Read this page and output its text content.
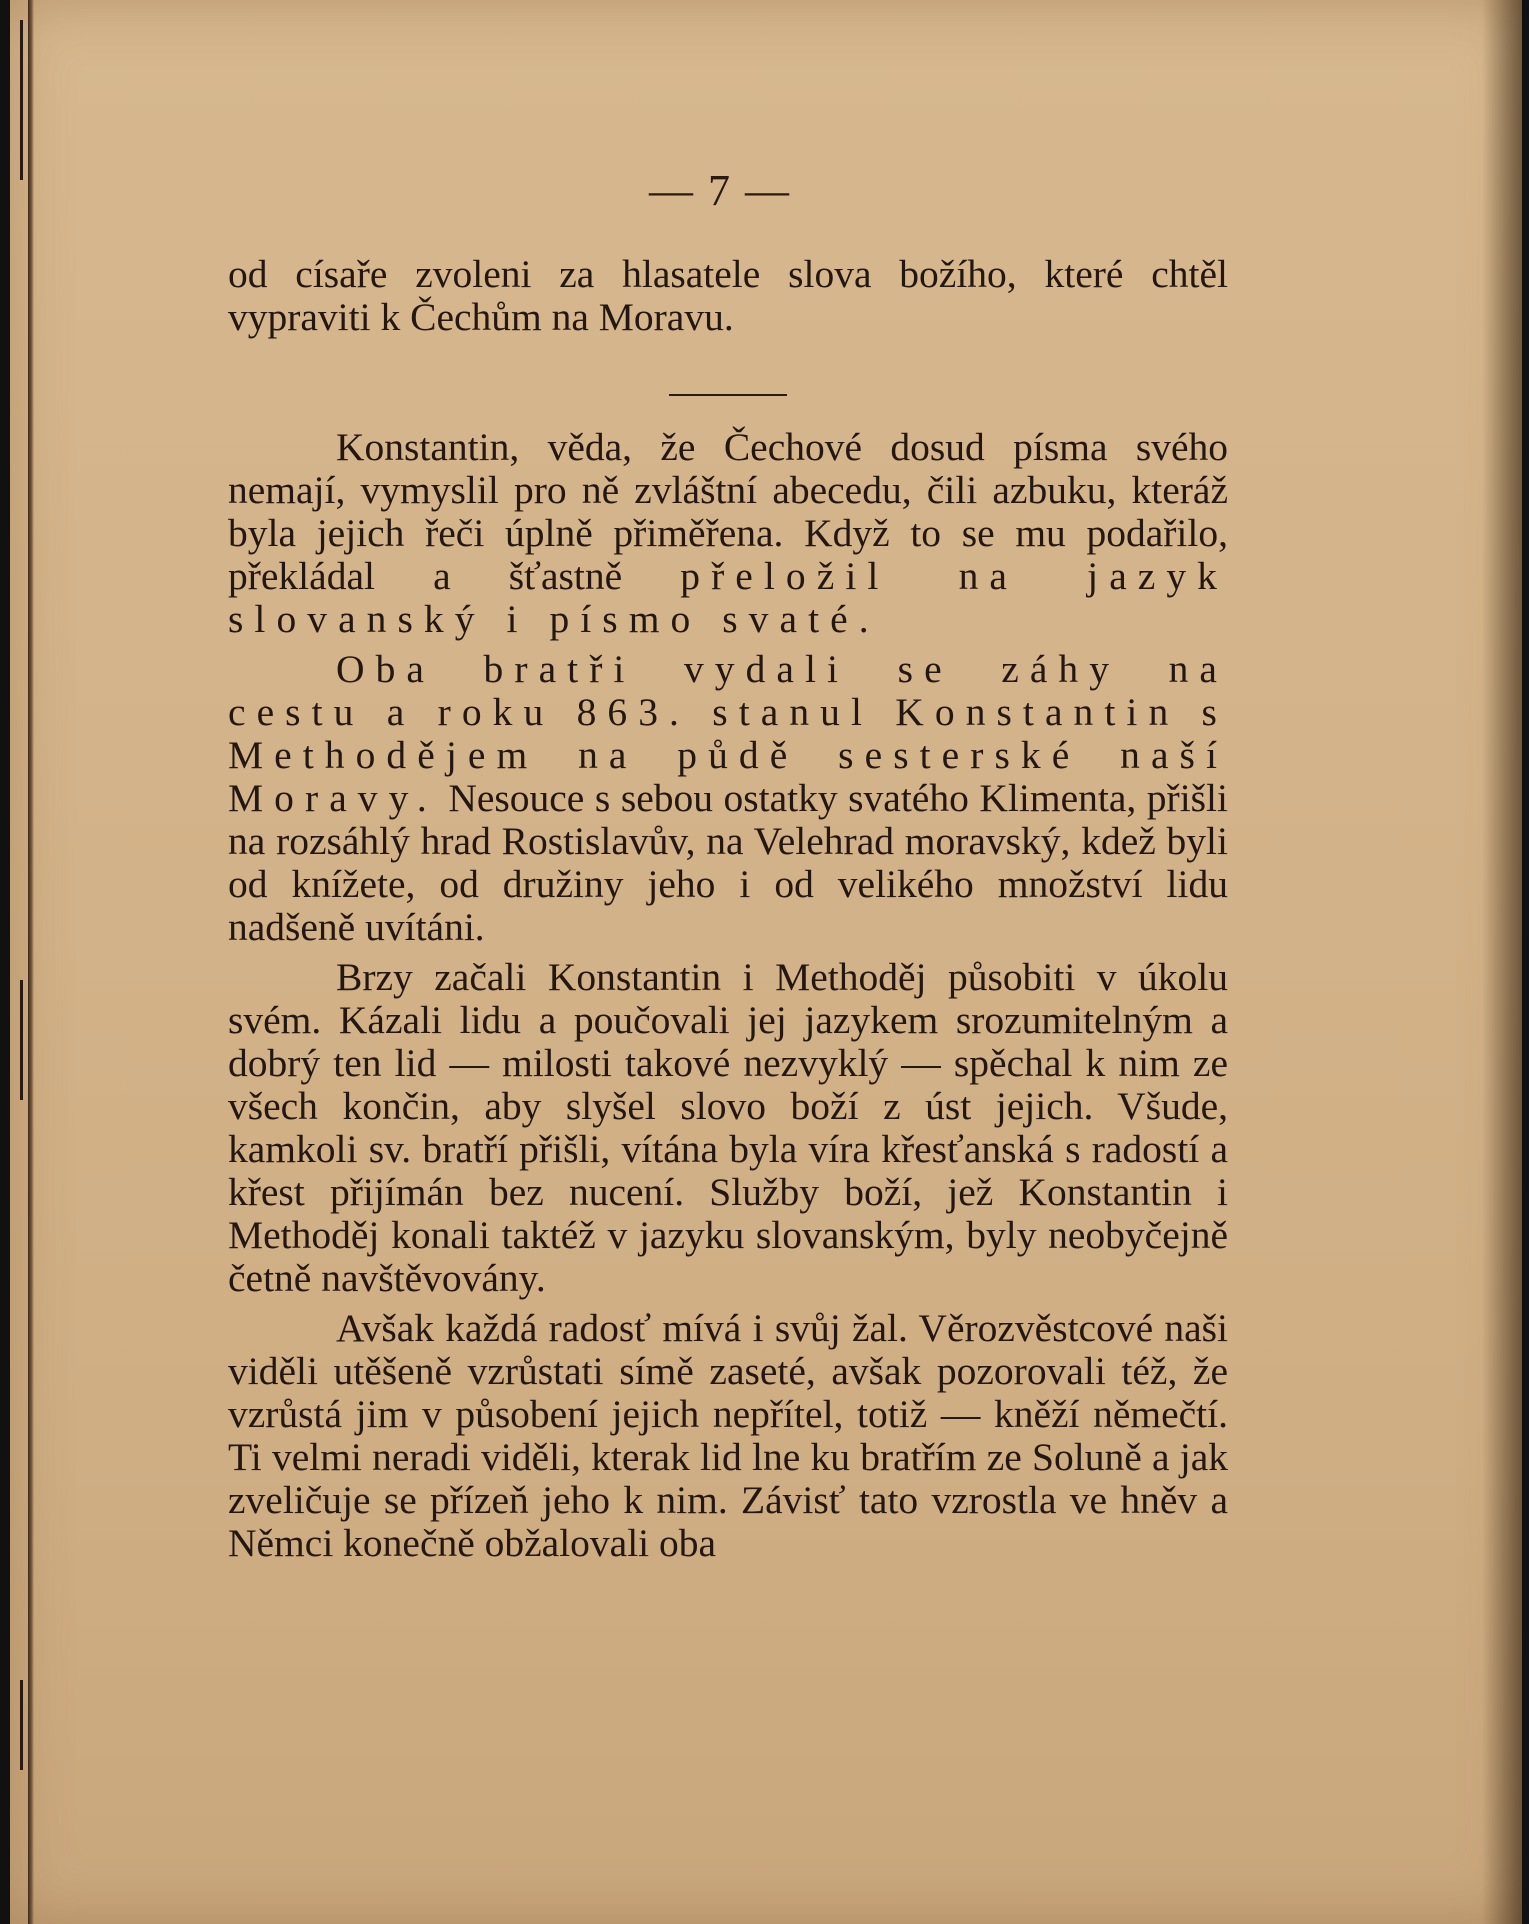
— 7 —

od císaře zvoleni za hlasatele slova božího, které chtěl vypraviti k Čechům na Moravu.

Konstantin, věda, že Čechové dosud písma svého nemají, vymyslil pro ně zvláštní abecedu, čili azbuku, kteráž byla jejich řeči úplně přiměřena. Když to se mu podařilo, překládal a šťastně přeložil na jazyk slovanský i písmo svaté.

Oba bratři vydali se záhy na cestu a roku 863. stanul Konstantin s Methodějem na půdě sesterské naší Moravy. Nesouce s sebou ostatky svatého Klimenta, přišli na rozsáhlý hrad Rostislavův, na Velehrad moravský, kdež byli od knížete, od družiny jeho i od velikého množství lidu nadšeně uvítáni.

Brzy začali Konstantin i Methoděj působiti v úkolu svém. Kázali lidu a poučovali jej jazykem srozumitelným a dobrý ten lid — milosti takové nezvyklý — spěchal k nim ze všech končin, aby slyšel slovo boží z úst jejich. Všude, kamkoli sv. bratří přišli, vítána byla víra křesťanská s radostí a křest přijímán bez nucení. Služby boží, jež Konstantin i Methoděj konali taktéž v jazyku slovanským, byly neobyčejně četně navštěvovány.

Avšak každá radosť mívá i svůj žal. Věrozvěstcové naši viděli utěšeně vzrůstati símě zaseté, avšak pozorovali též, že vzrůstá jim v působení jejich nepřítel, totiž — kněží němečtí. Ti velmi neradi viděli, kterak lid lne ku bratřím ze Soluně a jak zveličuje se přízeň jeho k nim. Závisť tato vzrostla ve hněv a Němci konečně obžalovali oba
